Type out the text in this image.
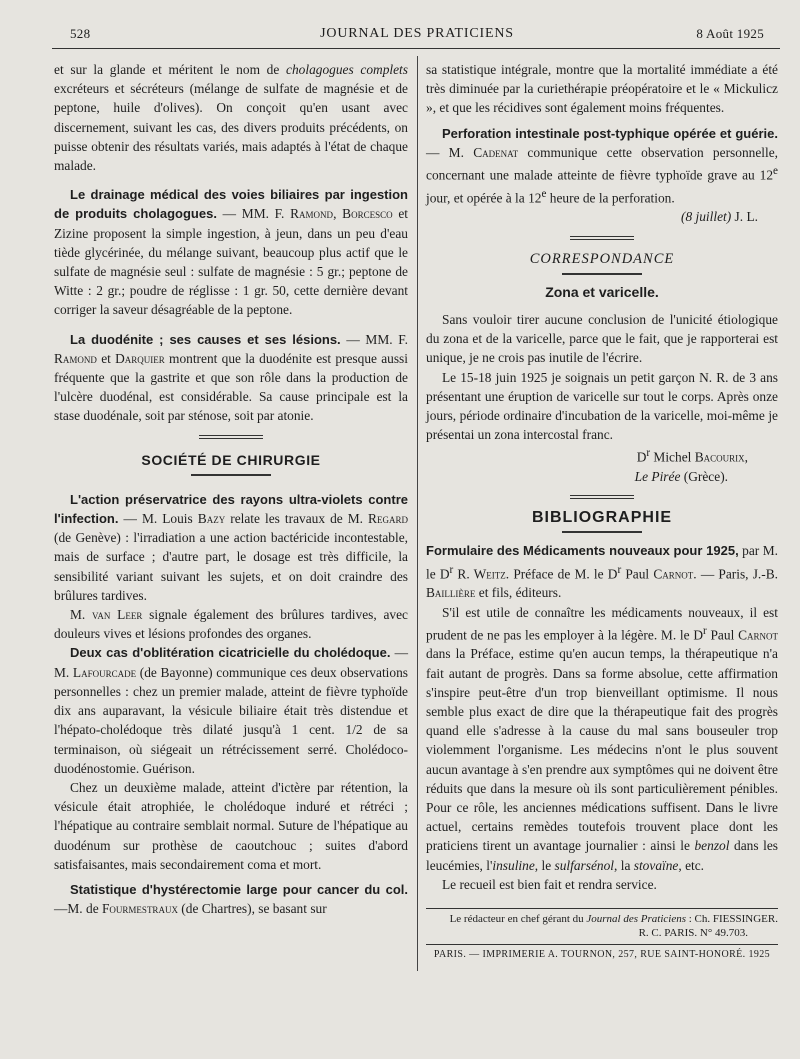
528	JOURNAL DES PRATICIENS	8 Août 1925

et sur la glande et méritent le nom de cholagogues complets excréteurs et sécréteurs (mélange de sulfate de magnésie et de peptone, huile d'olives). On conçoit qu'en usant avec discernement, suivant les cas, des divers produits précédents, on puisse obtenir des résultats variés, mais adaptés à l'état de chaque malade.

Le drainage médical des voies biliaires par ingestion de produits cholagogues. — MM. F. Ramond, Borcesco et Zizine proposent la simple ingestion, à jeun, dans un peu d'eau tiède glycérinée, du mélange suivant, beaucoup plus actif que le sulfate de magnésie seul : sulfate de magnésie : 5 gr.; peptone de Witte : 2 gr.; poudre de réglisse : 1 gr. 50, cette dernière devant corriger la saveur désagréable de la peptone.

La duodénite ; ses causes et ses lésions. — MM. F. Ramond et Darquier montrent que la duodénite est presque aussi fréquente que la gastrite et que son rôle dans la production de l'ulcère duodénal, est considérable. Sa cause principale est la stase duodénale, soit par sténose, soit par atonie.

SOCIÉTÉ DE CHIRURGIE

L'action préservatrice des rayons ultra-violets contre l'infection. — M. Louis Bazy relate les travaux de M. Regard (de Genève) : l'irradiation a une action bactéricide incontestable, mais de surface ; d'autre part, le dosage est très difficile, la sensibilité variant suivant les sujets, et on doit craindre des brûlures tardives.

M. van Leer signale également des brûlures tardives, avec douleurs vives et lésions profondes des organes.

Deux cas d'oblitération cicatricielle du cholédoque. — M. Lafourcade (de Bayonne) communique ces deux observations personnelles : chez un premier malade, atteint de fièvre typhoïde dix ans auparavant, la vésicule biliaire était très distendue et l'hépato-cholédoque très dilaté jusqu'à 1 cent. 1/2 de sa terminaison, où siégeait un rétrécissement serré. Cholédoco-duodénostomie. Guérison.

Chez un deuxième malade, atteint d'ictère par rétention, la vésicule était atrophiée, le cholédoque induré et rétréci ; l'hépatique au contraire semblait normal. Suture de l'hépatique au duodénum sur prothèse de caoutchouc ; suites d'abord satisfaisantes, mais secondairement coma et mort.

Statistique d'hystérectomie large pour cancer du col.—M. de Fourmestraux (de Chartres), se basant sur

sa statistique intégrale, montre que la mortalité immédiate a été très diminuée par la curiethérapie préopératoire et le « Mickulicz », et que les récidives sont également moins fréquentes.

Perforation intestinale post-typhique opérée et guérie. — M. Cadenat communique cette observation personnelle, concernant une malade atteinte de fièvre typhoïde grave au 12e jour, et opérée à la 12e heure de la perforation.

(8 juillet) J. L.
CORRESPONDANCE
Zona et varicelle.

Sans vouloir tirer aucune conclusion de l'unicité étiologique du zona et de la varicelle, parce que le fait, que je rapporterai est unique, je ne crois pas inutile de l'écrire.

Le 15-18 juin 1925 je soignais un petit garçon N. R. de 3 ans présentant une éruption de varicelle sur tout le corps. Après onze jours, période ordinaire d'incubation de la varicelle, moi-même je présentai un zona intercostal franc.

$D^r$ Michel Bacourix,
Le Pirée (Grèce).
BIBLIOGRAPHIE

Formulaire des Médicaments nouveaux pour 1925, par M. le $D^r$ R. Weitz. Préface de M. le $D^r$ Paul Carnot. — Paris, J.-B. Baillière et fils, éditeurs.

S'il est utile de connaître les médicaments nouveaux, il est prudent de ne pas les employer à la légère. M. le $D^r$ Paul Carnot dans la Préface, estime qu'en aucun temps, la thérapeutique n'a fait autant de progrès. Dans sa forme absolue, cette affirmation s'inspire peut-être d'un trop bienveillant optimisme. Il nous semble plus exact de dire que la thérapeutique fait des progrès quand elle s'adresse à la cause du mal sans bouseuler trop violemment l'organisme. Les médecins n'ont le plus souvent aucun avantage à s'en prendre aux symptômes qui ne doivent être réduits que dans la mesure où ils sont particulièrement pénibles. Pour ce rôle, les anciennes médications suffisent. Dans le livre actuel, certains remèdes toutefois trouvent place dont les praticiens tirent un avantage journalier : ainsi le benzol dans les leucémies, l'insuline, le sulfarsénol, la stovaïne, etc.

Le recueil est bien fait et rendra service.

Le rédacteur en chef gérant du Journal des Praticiens : Ch. FIESSINGER.
R. C. PARIS. N° 49.703.
PARIS. — IMPRIMERIE A. TOURNON, 257, RUE SAINT-HONORÉ. 1925
